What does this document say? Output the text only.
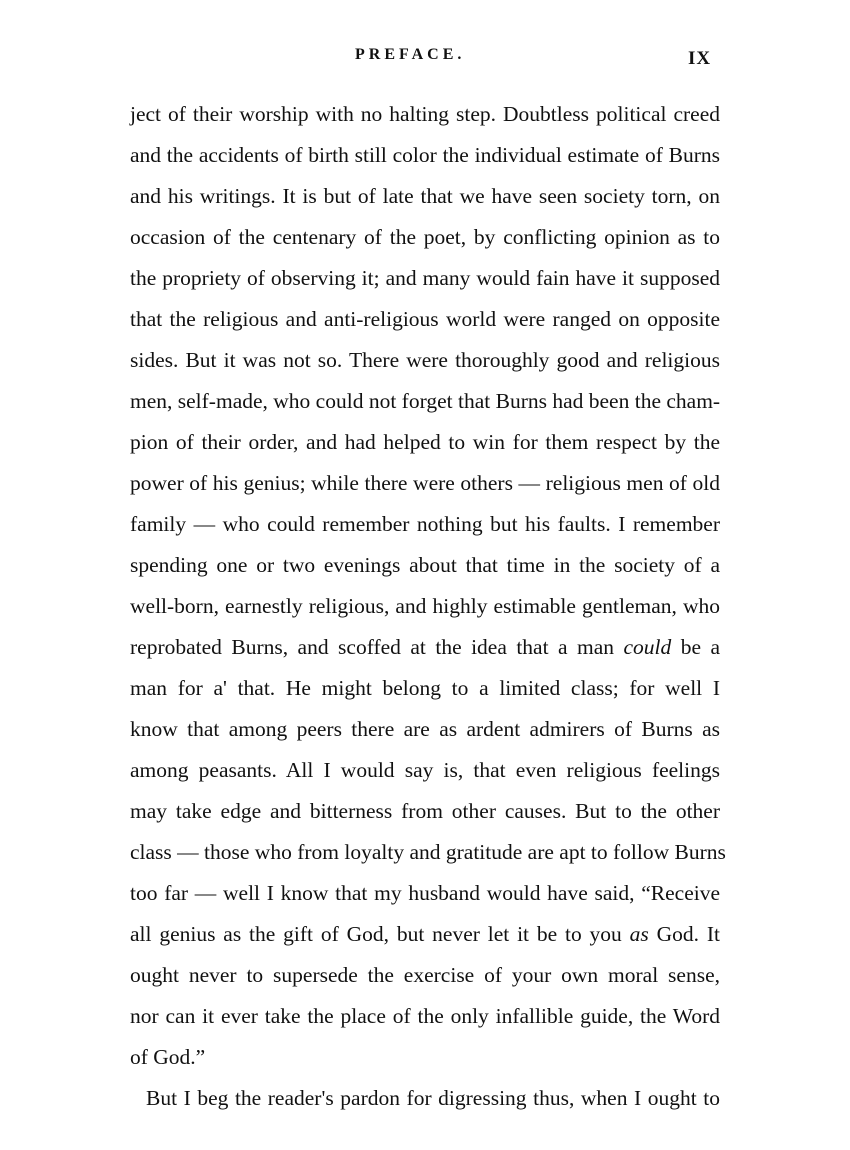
PREFACE.	IX
ject of their worship with no halting step. Doubtless political creed
and the accidents of birth still color the individual estimate of Burns
and his writings. It is but of late that we have seen society torn, on
occasion of the centenary of the poet, by conflicting opinion as to
the propriety of observing it; and many would fain have it supposed
that the religious and anti-religious world were ranged on opposite
sides. But it was not so. There were thoroughly good and religious
men, self-made, who could not forget that Burns had been the cham-
pion of their order, and had helped to win for them respect by the
power of his genius; while there were others — religious men of old
family — who could remember nothing but his faults. I remember
spending one or two evenings about that time in the society of a
well-born, earnestly religious, and highly estimable gentleman, who
reprobated Burns, and scoffed at the idea that a man could be a
man for a' that. He might belong to a limited class; for well I
know that among peers there are as ardent admirers of Burns as
among peasants. All I would say is, that even religious feelings
may take edge and bitterness from other causes. But to the other
class — those who from loyalty and gratitude are apt to follow Burns
too far — well I know that my husband would have said, “Receive
all genius as the gift of God, but never let it be to you as God. It
ought never to supersede the exercise of your own moral sense,
nor can it ever take the place of the only infallible guide, the Word
of God.”
But I beg the reader's pardon for digressing thus, when I ought to
